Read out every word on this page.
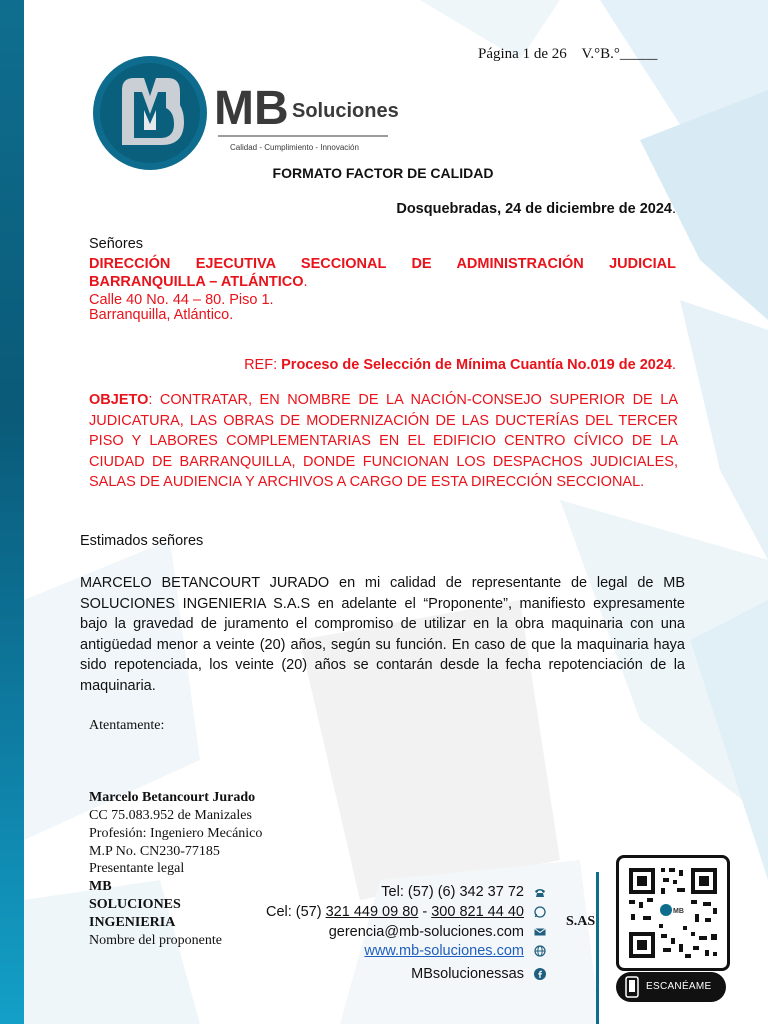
Página 1 de 26    V.°B.°_____
MB Soluciones
Calidad - Cumplimiento - Innovación
FORMATO FACTOR DE CALIDAD
Dosquebradas, 24 de diciembre de 2024.
Señores
DIRECCIÓN EJECUTIVA SECCIONAL DE ADMINISTRACIÓN JUDICIAL BARRANQUILLA – ATLÁNTICO.
Calle 40 No. 44 – 80. Piso 1.
Barranquilla, Atlántico.
REF: Proceso de Selección de Mínima Cuantía No.019 de 2024.
OBJETO: CONTRATAR, EN NOMBRE DE LA NACIÓN-CONSEJO SUPERIOR DE LA JUDICATURA, LAS OBRAS DE MODERNIZACIÓN DE LAS DUCTERÍAS DEL TERCER PISO Y LABORES COMPLEMENTARIAS EN EL EDIFICIO CENTRO CÍVICO DE LA CIUDAD DE BARRANQUILLA, DONDE FUNCIONAN LOS DESPACHOS JUDICIALES, SALAS DE AUDIENCIA Y ARCHIVOS A CARGO DE ESTA DIRECCIÓN SECCIONAL.
Estimados señores
MARCELO BETANCOURT JURADO en mi calidad de representante de legal de MB SOLUCIONES INGENIERIA S.A.S en adelante el “Proponente”, manifiesto expresamente bajo la gravedad de juramento el compromiso de utilizar en la obra maquinaria con una antigüedad menor a veinte (20) años, según su función. En caso de que la maquinaria haya sido repotenciada, los veinte (20) años se contarán desde la fecha repotenciación de la maquinaria.
Atentamente:
Marcelo Betancourt Jurado
CC 75.083.952 de Manizales
Profesión: Ingeniero Mecánico
M.P No. CN230-77185
Presentante legal
MB
SOLUCIONES
INGENIERIA
Nombre del proponente
Tel: (57) (6) 342 37 72
Cel: (57) 321 449 09 80 - 300 821 44 40
gerencia@mb-soluciones.com
www.mb-soluciones.com
MBsolucionessas
S.AS
MB
ESCANÉAME
